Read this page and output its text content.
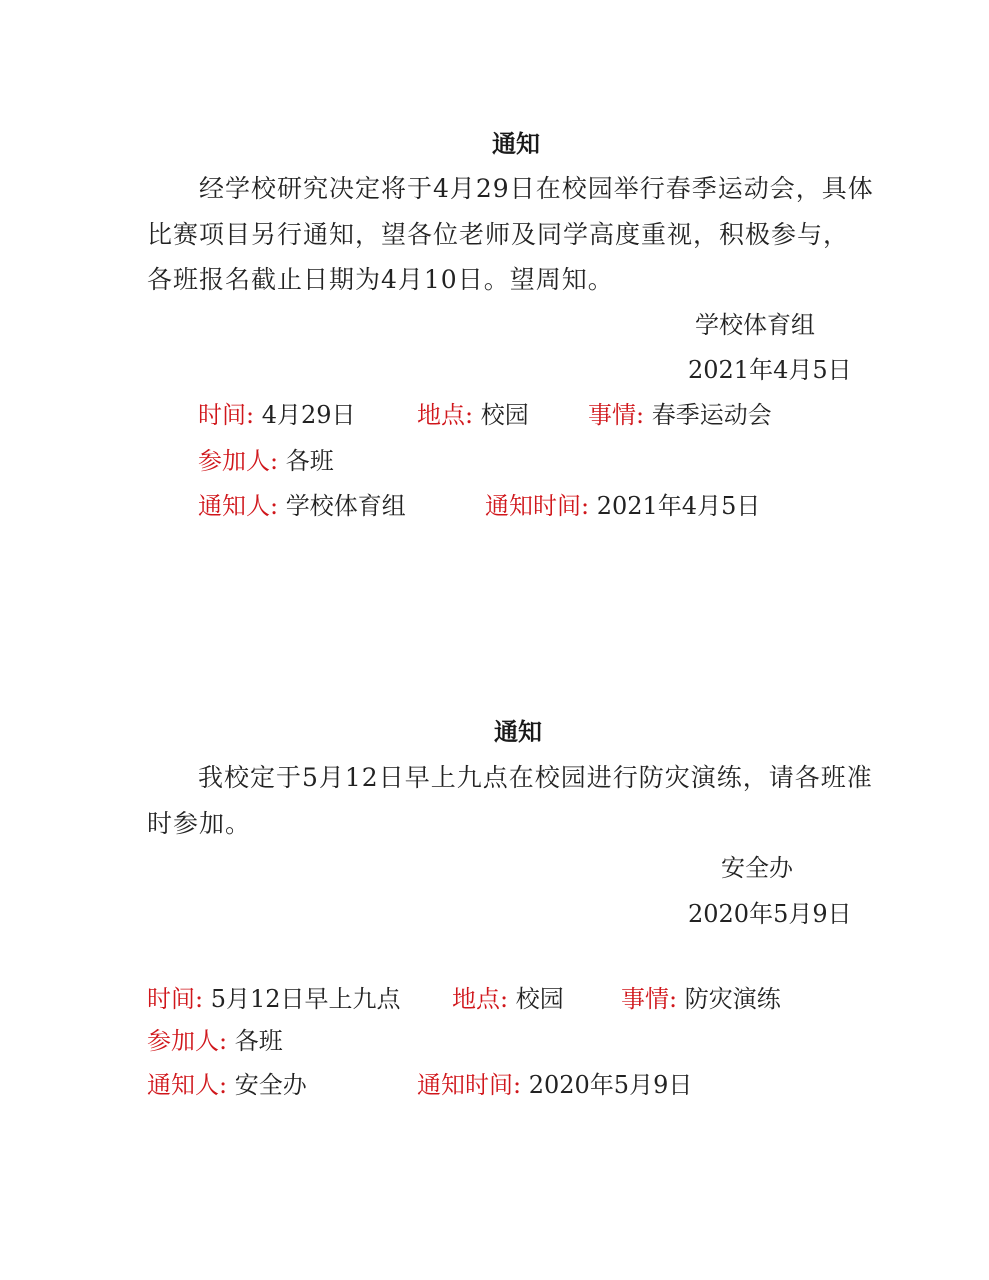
通知
经学校研究决定将于4月29日在校园举行春季运动会，具体
比赛项目另行通知，望各位老师及同学高度重视，积极参与，
各班报名截止日期为4月10日。望周知。
学校体育组
2021年4月5日
时间: 4月29日	地点: 校园 事情: 春季运动会
参加人: 各班
通知人: 学校体育组	通知时间: 2021年4月5日
通知
我校定于5月12日早上九点在校园进行防灾演练，请各班准
时参加。
安全办
2020年5月9日
时间: 5月12日早上九点 地点: 校园 事情: 防灾演练
参加人: 各班
通知人: 安全办	通知时间: 2020年5月9日
